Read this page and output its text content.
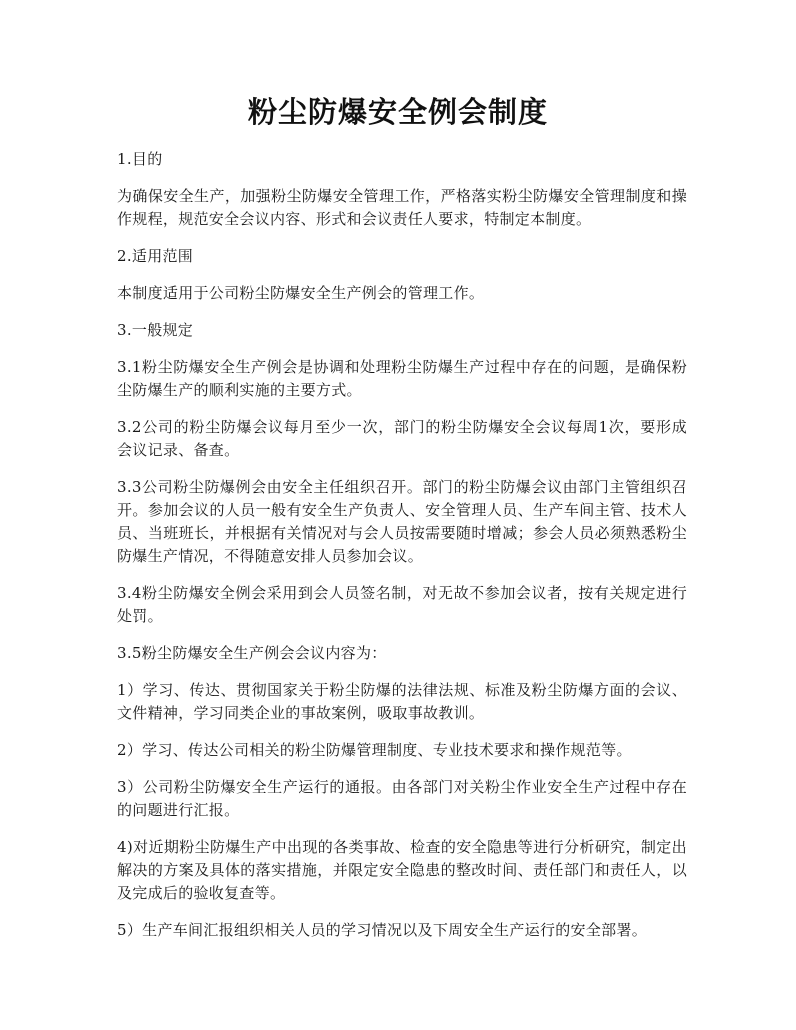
粉尘防爆安全例会制度

1.目的

为确保安全生产，加强粉尘防爆安全管理工作，严格落实粉尘防爆安全管理制度和操作规程，规范安全会议内容、形式和会议责任人要求，特制定本制度。

2.适用范围

本制度适用于公司粉尘防爆安全生产例会的管理工作。

3.一般规定

3.1粉尘防爆安全生产例会是协调和处理粉尘防爆生产过程中存在的问题，是确保粉尘防爆生产的顺利实施的主要方式。

3.2公司的粉尘防爆会议每月至少一次，部门的粉尘防爆安全会议每周1次，要形成会议记录、备查。

3.3公司粉尘防爆例会由安全主任组织召开。部门的粉尘防爆会议由部门主管组织召开。参加会议的人员一般有安全生产负责人、安全管理人员、生产车间主管、技术人员、当班班长，并根据有关情况对与会人员按需要随时增减；参会人员必须熟悉粉尘防爆生产情况，不得随意安排人员参加会议。

3.4粉尘防爆安全例会采用到会人员签名制，对无故不参加会议者，按有关规定进行处罚。

3.5粉尘防爆安全生产例会会议内容为：

1）学习、传达、贯彻国家关于粉尘防爆的法律法规、标准及粉尘防爆方面的会议、文件精神，学习同类企业的事故案例，吸取事故教训。

2）学习、传达公司相关的粉尘防爆管理制度、专业技术要求和操作规范等。

3）公司粉尘防爆安全生产运行的通报。由各部门对关粉尘作业安全生产过程中存在的问题进行汇报。

4)对近期粉尘防爆生产中出现的各类事故、检查的安全隐患等进行分析研究，制定出解决的方案及具体的落实措施，并限定安全隐患的整改时间、责任部门和责任人，以及完成后的验收复查等。

5）生产车间汇报组织相关人员的学习情况以及下周安全生产运行的安全部署。
